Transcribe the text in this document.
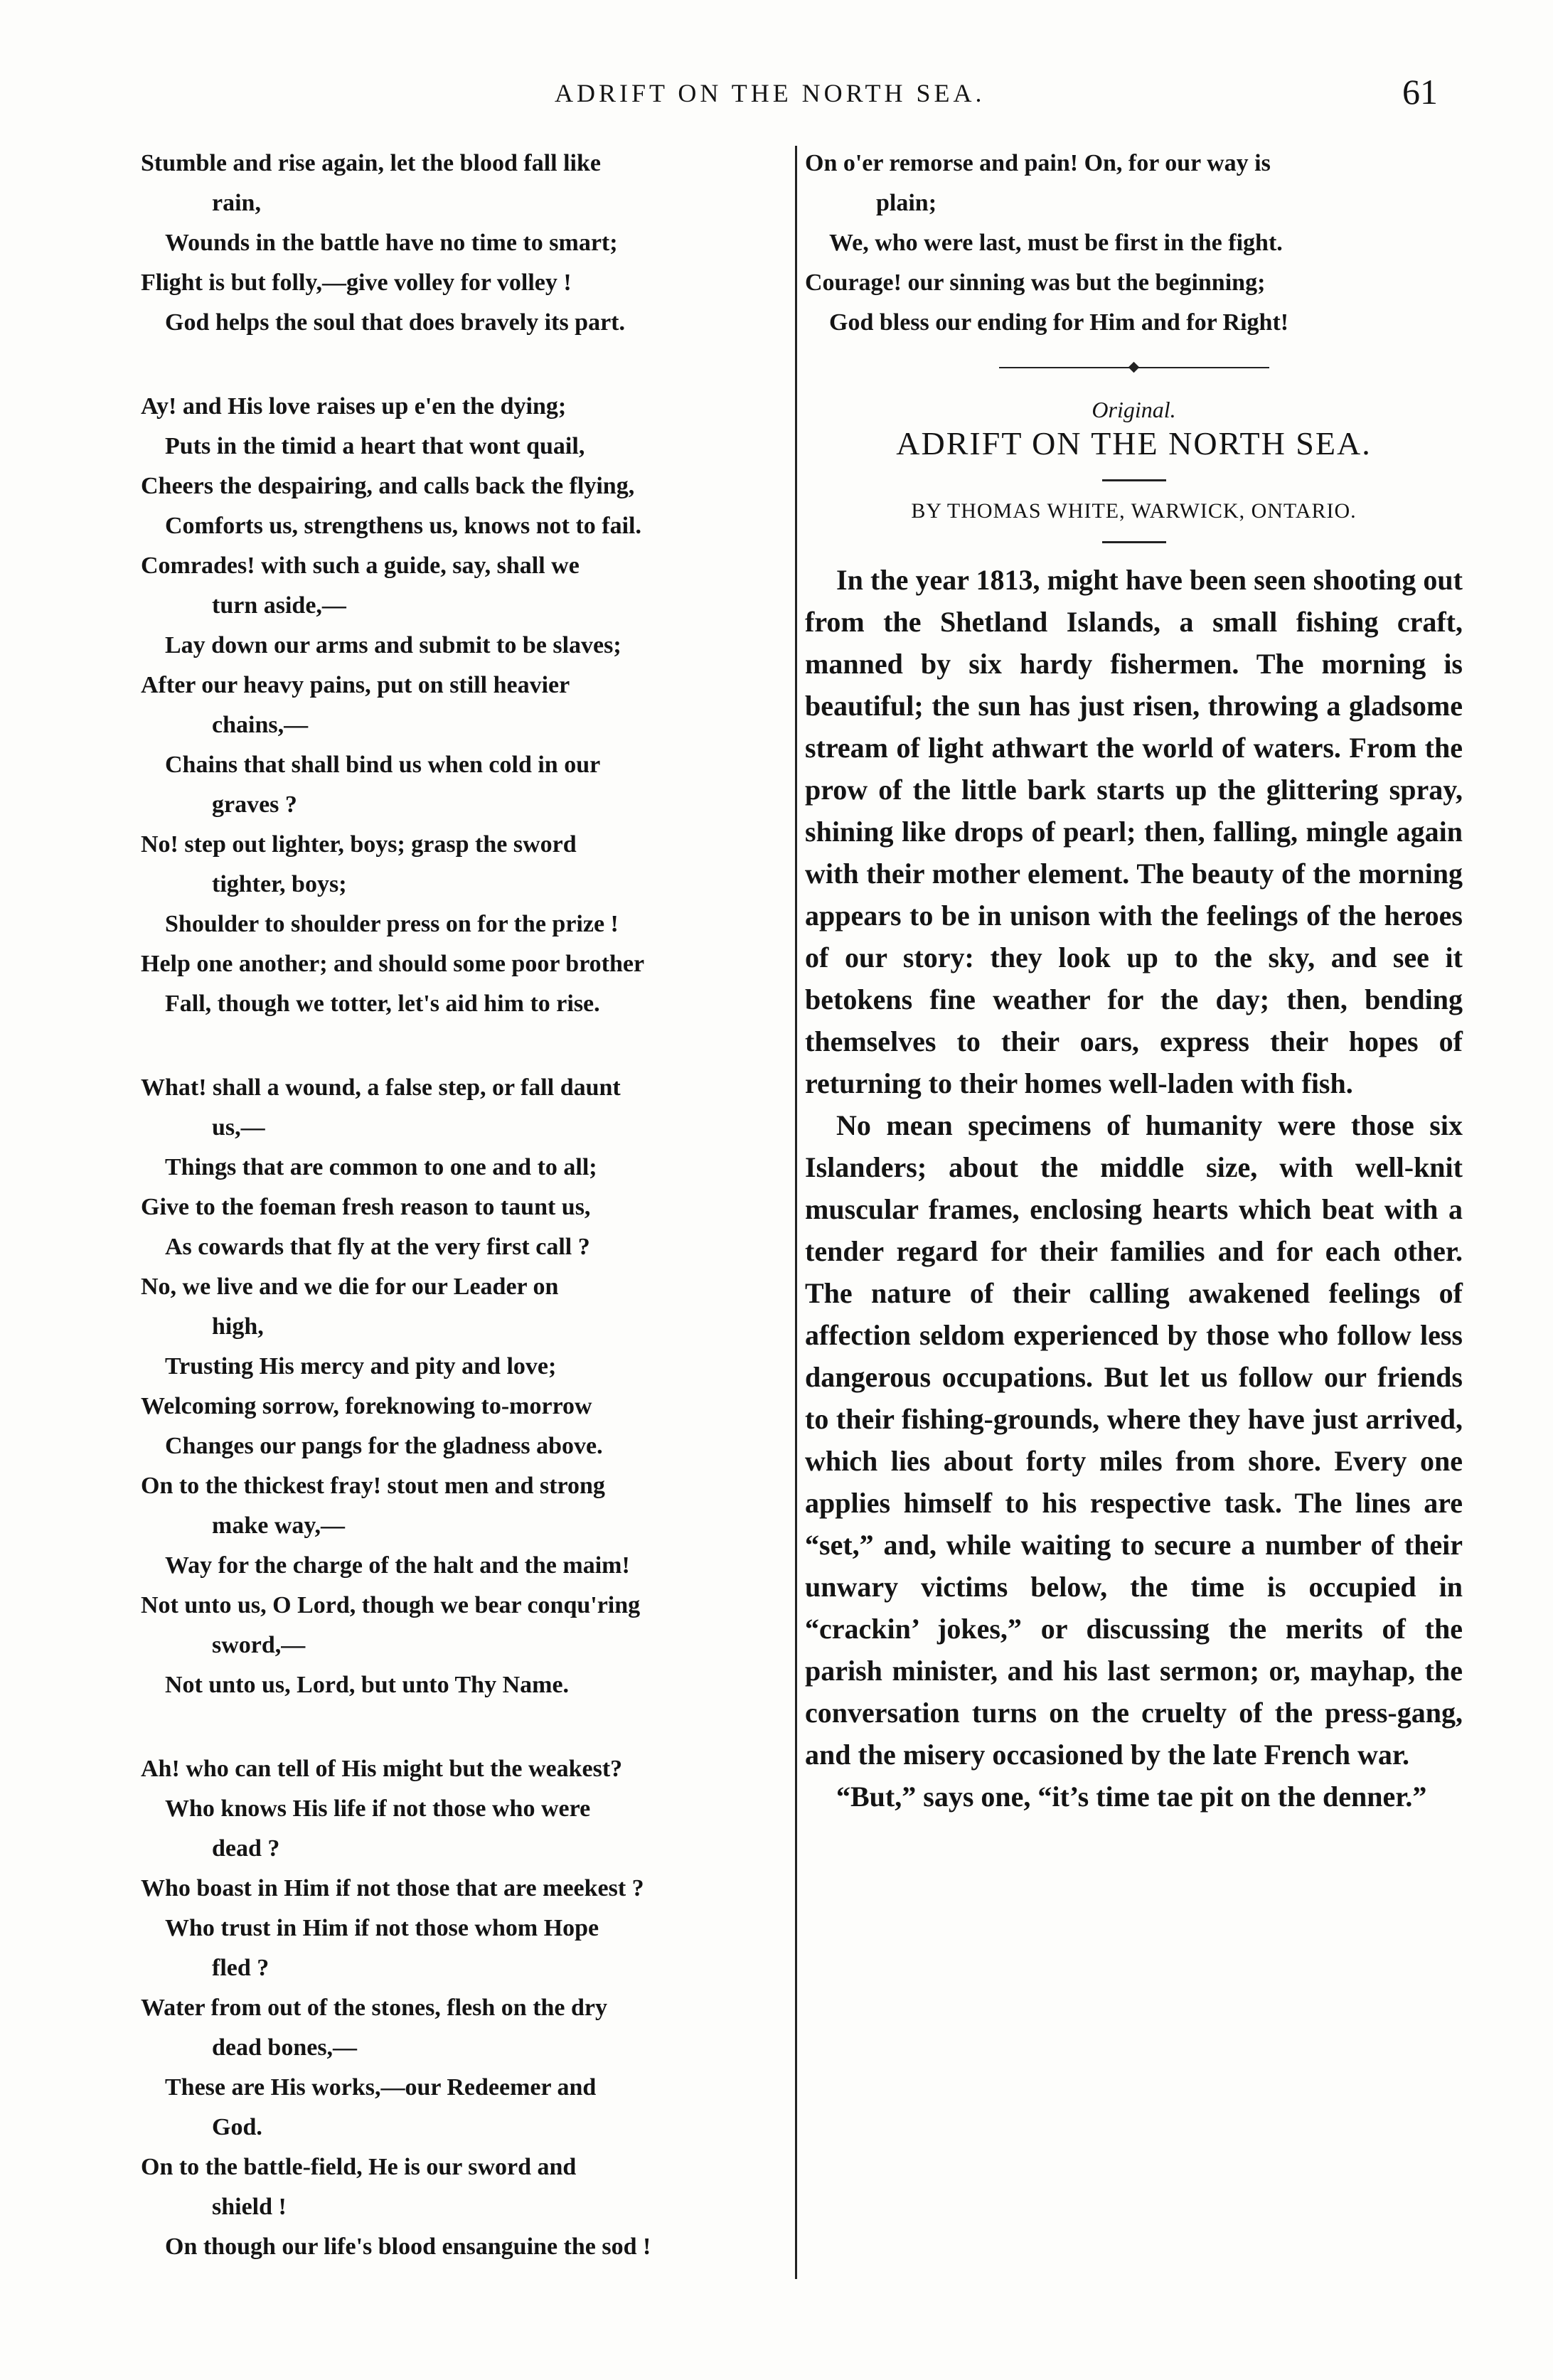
ADRIFT ON THE NORTH SEA.	61
Stumble and rise again, let the blood fall like
rain,
Wounds in the battle have no time to smart;
Flight is but folly,—give volley for volley !
God helps the soul that does bravely its part.
Ay! and His love raises up e'en the dying;
Puts in the timid a heart that wont quail,
Cheers the despairing, and calls back the flying,
Comforts us, strengthens us, knows not to fail.
Comrades! with such a guide, say, shall we
turn aside,—
Lay down our arms and submit to be slaves;
After our heavy pains, put on still heavier
chains,—
Chains that shall bind us when cold in our
graves ?
No! step out lighter, boys; grasp the sword
tighter, boys;
Shoulder to shoulder press on for the prize !
Help one another; and should some poor brother
Fall, though we totter, let's aid him to rise.
What! shall a wound, a false step, or fall daunt
us,—
Things that are common to one and to all;
Give to the foeman fresh reason to taunt us,
As cowards that fly at the very first call ?
No, we live and we die for our Leader on
high,
Trusting His mercy and pity and love;
Welcoming sorrow, foreknowing to-morrow
Changes our pangs for the gladness above.
On to the thickest fray! stout men and strong
make way,—
Way for the charge of the halt and the maim!
Not unto us, O Lord, though we bear conqu'ring
sword,—
Not unto us, Lord, but unto Thy Name.
Ah! who can tell of His might but the weakest?
Who knows His life if not those who were
dead ?
Who boast in Him if not those that are meekest ?
Who trust in Him if not those whom Hope
fled ?
Water from out of the stones, flesh on the dry
dead bones,—
These are His works,—our Redeemer and
God.
On to the battle-field, He is our sword and
shield !
On though our life's blood ensanguine the sod !
On o'er remorse and pain! On, for our way is
plain;
We, who were last, must be first in the fight.
Courage! our sinning was but the beginning;
God bless our ending for Him and for Right!
Original.
ADRIFT ON THE NORTH SEA.
BY THOMAS WHITE, WARWICK, ONTARIO.

In the year 1813, might have been seen shooting out from the Shetland Islands, a small fishing craft, manned by six hardy fishermen. The morning is beautiful; the sun has just risen, throwing a gladsome stream of light athwart the world of waters. From the prow of the little bark starts up the glittering spray, shining like drops of pearl; then, falling, mingle again with their mother element. The beauty of the morning appears to be in unison with the feelings of the heroes of our story: they look up to the sky, and see it betokens fine weather for the day; then, bending themselves to their oars, express their hopes of returning to their homes well-laden with fish.

No mean specimens of humanity were those six Islanders; about the middle size, with well-knit muscular frames, enclosing hearts which beat with a tender regard for their families and for each other. The nature of their calling awakened feelings of affection seldom experienced by those who follow less dangerous occupations. But let us follow our friends to their fishing-grounds, where they have just arrived, which lies about forty miles from shore. Every one applies himself to his respective task. The lines are “set,” and, while waiting to secure a number of their unwary victims below, the time is occupied in “crackin’ jokes,” or discussing the merits of the parish minister, and his last sermon; or, mayhap, the conversation turns on the cruelty of the press-gang, and the misery occasioned by the late French war.

“But,” says one, “it’s time tae pit on the denner.”
